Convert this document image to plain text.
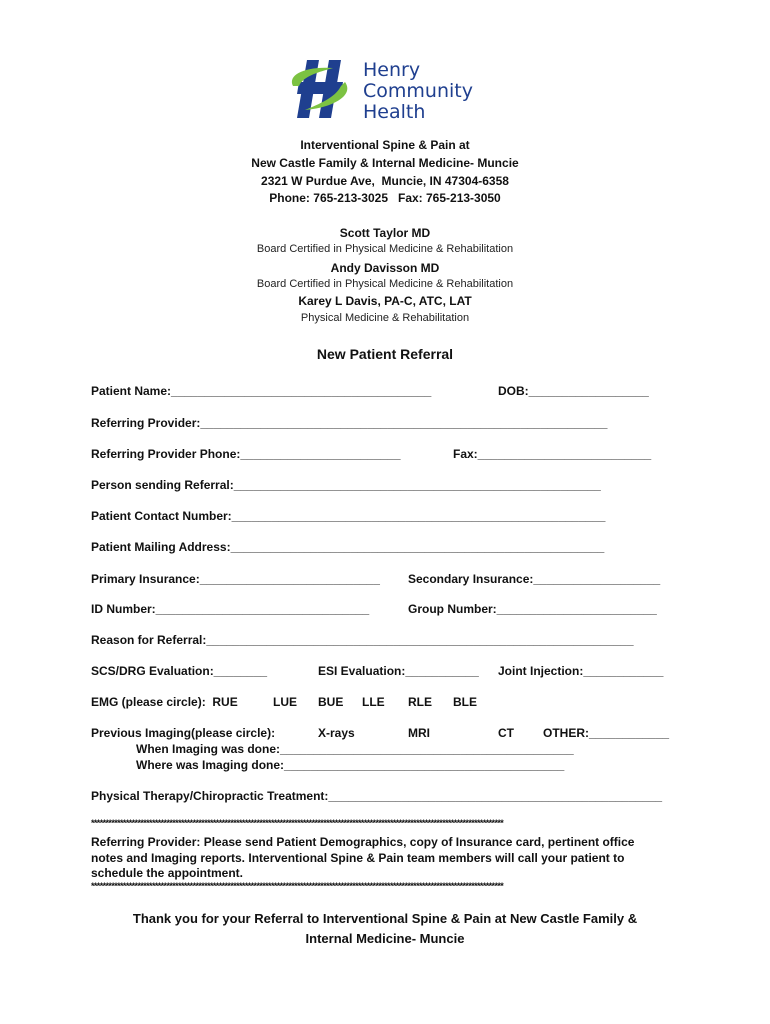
Henry
Community
Health
Interventional Spine & Pain at
New Castle Family & Internal Medicine- Muncie
2321 W Purdue Ave,  Muncie, IN 47304-6358
Phone: 765-213-3025   Fax: 765-213-3050
Scott Taylor MD
Board Certified in Physical Medicine & Rehabilitation
Andy Davisson MD
Board Certified in Physical Medicine & Rehabilitation
Karey L Davis, PA-C, ATC, LAT
Physical Medicine & Rehabilitation
New Patient Referral
Patient Name:_______________________________________	DOB:__________________
Referring Provider:_____________________________________________________________
Referring Provider Phone:________________________	Fax:__________________________
Person sending Referral:_______________________________________________________
Patient Contact Number:________________________________________________________
Patient Mailing Address:________________________________________________________
Primary Insurance:___________________________ Secondary Insurance:___________________
ID Number:________________________________	Group Number:________________________
Reason for Referral:________________________________________________________________
SCS/DRG Evaluation:________	ESI Evaluation:___________ Joint Injection:____________
EMG (please circle):  RUE	LUE BUE LLE RLE BLE
Previous Imaging(please circle):	X-rays	MRI	CT OTHER:____________
When Imaging was done:____________________________________________
Where was Imaging done:__________________________________________
Physical Therapy/Chiropractic Treatment:__________________________________________________
**********************************************************************************************************************************************
Referring Provider: Please send Patient Demographics, copy of Insurance card, pertinent office
notes and Imaging reports. Interventional Spine & Pain team members will call your patient to
schedule the appointment.
**********************************************************************************************************************************************
Thank you for your Referral to Interventional Spine & Pain at New Castle Family &
Internal Medicine- Muncie
